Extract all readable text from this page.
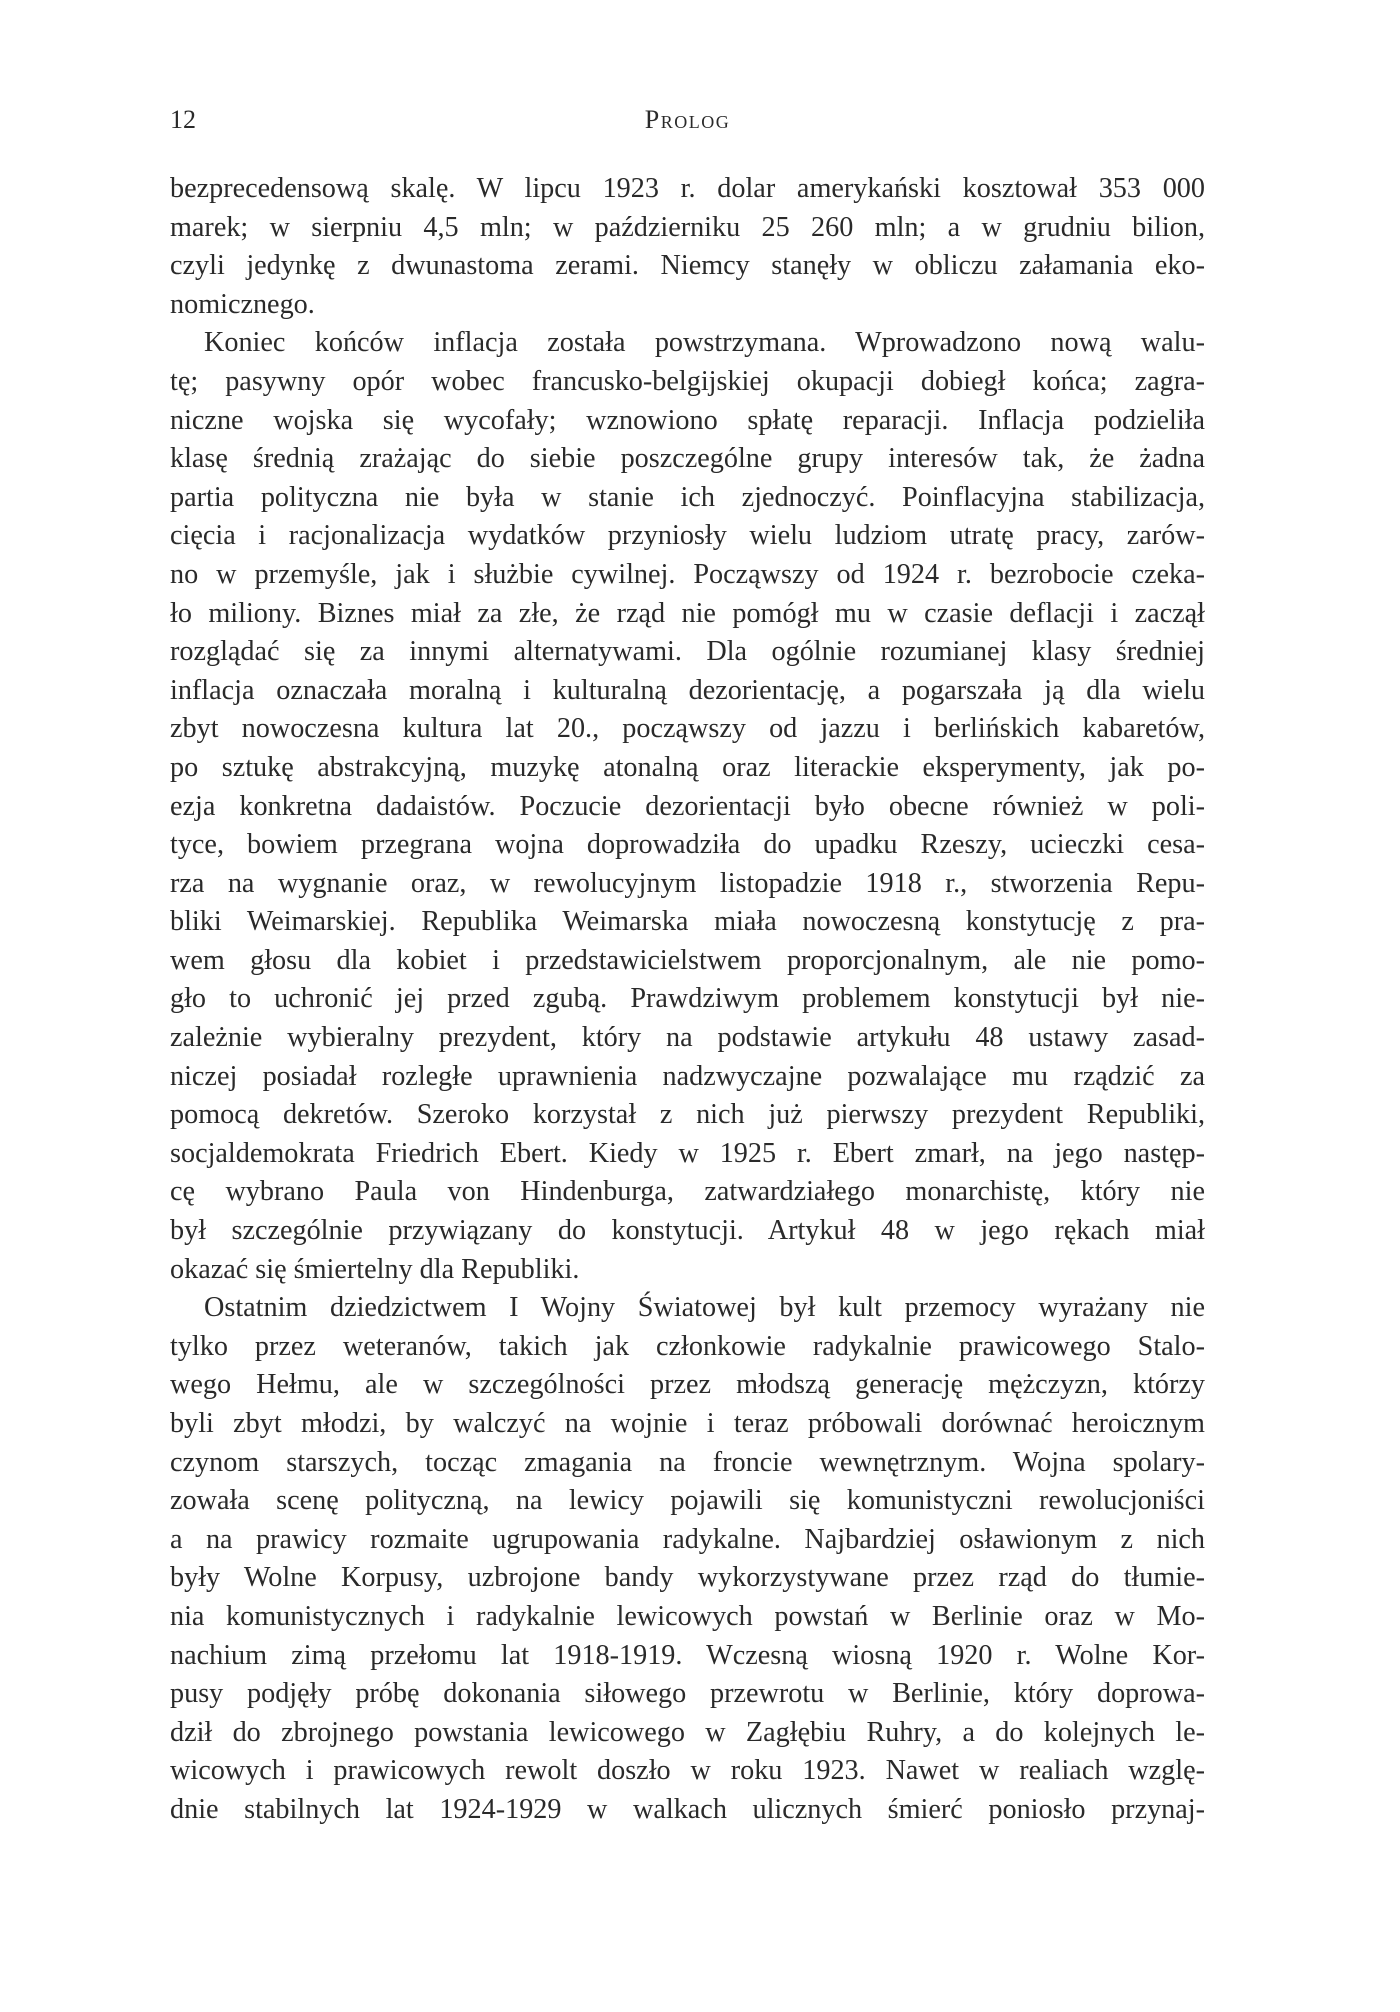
12	Prolog
bezprecedensową skalę. W lipcu 1923 r. dolar amerykański kosztował 353 000
marek; w sierpniu 4,5 mln; w październiku 25 260 mln; a w grudniu bilion,
czyli jedynkę z dwunastoma zerami. Niemcy stanęły w obliczu załamania eko-
nomicznego.
Koniec końców inflacja została powstrzymana. Wprowadzono nową walu-
tę; pasywny opór wobec francusko-belgijskiej okupacji dobiegł końca; zagra-
niczne wojska się wycofały; wznowiono spłatę reparacji. Inflacja podzieliła
klasę średnią zrażając do siebie poszczególne grupy interesów tak, że żadna
partia polityczna nie była w stanie ich zjednoczyć. Poinflacyjna stabilizacja,
cięcia i racjonalizacja wydatków przyniosły wielu ludziom utratę pracy, zarów-
no w przemyśle, jak i służbie cywilnej. Począwszy od 1924 r. bezrobocie czeka-
ło miliony. Biznes miał za złe, że rząd nie pomógł mu w czasie deflacji i zaczął
rozglądać się za innymi alternatywami. Dla ogólnie rozumianej klasy średniej
inflacja oznaczała moralną i kulturalną dezorientację, a pogarszała ją dla wielu
zbyt nowoczesna kultura lat 20., począwszy od jazzu i berlińskich kabaretów,
po sztukę abstrakcyjną, muzykę atonalną oraz literackie eksperymenty, jak po-
ezja konkretna dadaistów. Poczucie dezorientacji było obecne również w poli-
tyce, bowiem przegrana wojna doprowadziła do upadku Rzeszy, ucieczki cesa-
rza na wygnanie oraz, w rewolucyjnym listopadzie 1918 r., stworzenia Repu-
bliki Weimarskiej. Republika Weimarska miała nowoczesną konstytucję z pra-
wem głosu dla kobiet i przedstawicielstwem proporcjonalnym, ale nie pomo-
gło to uchronić jej przed zgubą. Prawdziwym problemem konstytucji był nie-
zależnie wybieralny prezydent, który na podstawie artykułu 48 ustawy zasad-
niczej posiadał rozległe uprawnienia nadzwyczajne pozwalające mu rządzić za
pomocą dekretów. Szeroko korzystał z nich już pierwszy prezydent Republiki,
socjaldemokrata Friedrich Ebert. Kiedy w 1925 r. Ebert zmarł, na jego następ-
cę wybrano Paula von Hindenburga, zatwardziałego monarchistę, który nie
był szczególnie przywiązany do konstytucji. Artykuł 48 w jego rękach miał
okazać się śmiertelny dla Republiki.
Ostatnim dziedzictwem I Wojny Światowej był kult przemocy wyrażany nie
tylko przez weteranów, takich jak członkowie radykalnie prawicowego Stalo-
wego Hełmu, ale w szczególności przez młodszą generację mężczyzn, którzy
byli zbyt młodzi, by walczyć na wojnie i teraz próbowali dorównać heroicznym
czynom starszych, tocząc zmagania na froncie wewnętrznym. Wojna spolary-
zowała scenę polityczną, na lewicy pojawili się komunistyczni rewolucjoniści
a na prawicy rozmaite ugrupowania radykalne. Najbardziej osławionym z nich
były Wolne Korpusy, uzbrojone bandy wykorzystywane przez rząd do tłumie-
nia komunistycznych i radykalnie lewicowych powstań w Berlinie oraz w Mo-
nachium zimą przełomu lat 1918-1919. Wczesną wiosną 1920 r. Wolne Kor-
pusy podjęły próbę dokonania siłowego przewrotu w Berlinie, który doprowa-
dził do zbrojnego powstania lewicowego w Zagłębiu Ruhry, a do kolejnych le-
wicowych i prawicowych rewolt doszło w roku 1923. Nawet w realiach wzglę-
dnie stabilnych lat 1924-1929 w walkach ulicznych śmierć poniosło przynaj-
